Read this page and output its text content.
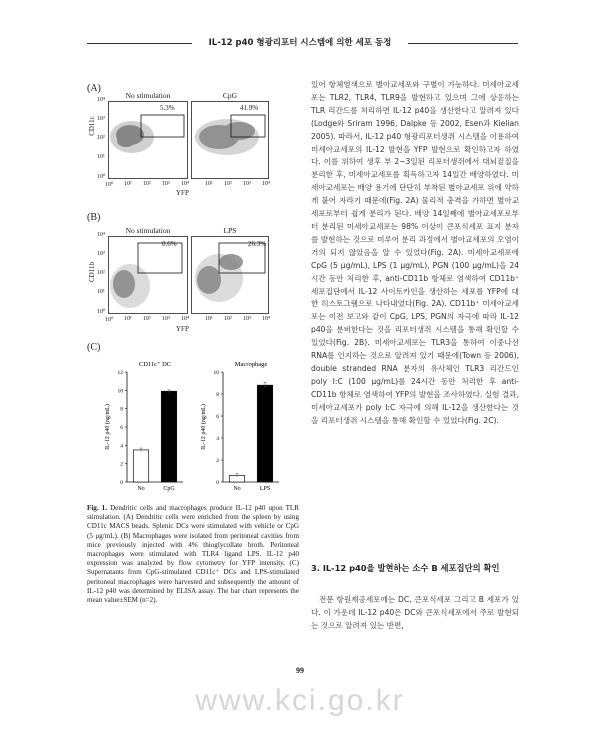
IL-12 p40 형광리포터 시스템에 의한 세포 동정
(A)
No stimulation	CpG
CD11c
YFP
5.3%	41.9%
10⁴
10³
10²
10¹
10⁰
10⁰ 10¹ 10² 10³ 10⁴	10¹ 10² 10³ 10⁴
(B)
No stimulation	LPS
CD11b
YFP
0.6%	26.3%
10⁴
10³
10²
10¹
10⁰
10⁰ 10¹ 10² 10³ 10⁴	10¹ 10² 10³ 10⁴
(C)
CD11c⁺ DC
0
2
4
6
8
10
12
IL-12 p40 (ng/mL)
No	CpG
Macrophage
0
2
4
6
8
10
IL-12 p40 (ng/mL)
No	LPS
Fig. 1. Dendritic cells and macrophages produce IL-12 p40 upon TLR stimulation. (A) Dendritic cells were enriched from the spleen by using CD11c MACS beads. Splenic DCs were stimulated with vehicle or CpG (5 μg/mL). (B) Macrophages were isolated from peritoneal cavities from mice previously injected with 4% thioglycollate broth. Peritoneal macrophages were stimulated with TLR4 ligand LPS. IL-12 p40 expression was analyzed by flow cytometry for YFP intensity. (C) Supernatants from CpG-stimulated CD11c⁺ DCs and LPS-stimulated peritoneal macrophages were harvested and subsequently the amount of IL-12 p40 was determined by ELISA assay. The bar chart represents the mean value±SEM (n=2).
있어 항체염색으로 별아교세포와 구별이 가능하다. 미세아교세포는 TLR2, TLR4, TLR9을 발현하고 있으며 그에 상응하는 TLR 리간드를 처리하면 IL-12 p40을 생산한다고 알려져 있다(Lodge와 Sriram 1996, Dalpke 등 2002, Esen과 Kielian 2005). 따라서, IL-12 p40 형광리포터생쥐 시스템을 이용하여 미세아교세포의 IL-12 발현을 YFP 발현으로 확인하고자 하였다. 이를 위하여 생후 부 2~3일된 리포터생쥐에서 대뇌겉질을 분리한 후, 미세아교세포를 획득하고자 14일간 배양하였다. 미세아교세포는 배양 용기에 단단히 부착된 별아교세포 위에 약하게 붙어 자라기 때문에(Fig. 2A) 물리적 충격을 가하면 별아교세포로부터 쉽게 분리가 된다. 배양 14일째에 별아교세포로부터 분리된 미세아교세포는 98% 이상이 큰포식세포 표지 분자를 발현하는 것으로 미루어 분리 과정에서 별아교세포의 오염이 거의 되지 않았음을 알 수 있었다(Fig. 2A). 미세아교세포에 CpG (5 μg/mL), LPS (1 μg/mL), PGN (100 μg/mL)을 24시간 동안 처리한 후, anti-CD11b 항체로 염색하여 CD11b⁺ 세포집단에서 IL-12 사이토카인을 생산하는 세포를 YFP에 대한 히스토그램으로 나타내었다(Fig. 2A). CD11b⁺ 미세아교세포는 이전 보고와 같이 CpG, LPS, PGN의 자극에 따라 IL-12 p40을 분비한다는 것을 리포터생쥐 시스템을 통해 확인할 수 있었다(Fig. 2B). 미세아교세포는 TLR3을 통하여 이중나선 RNA를 인지하는 것으로 알려져 있기 때문에(Town 등 2006), double stranded RNA 분자의 유사체인 TLR3 리간드인 poly I:C (100 μg/mL)를 24시간 동안 처리한 후 anti-CD11b 항체로 염색하여 YFP의 발현을 조사하였다. 실험 결과, 미세아교세포가 poly I:C 자극에 의해 IL-12을 생산한다는 것을 리포터생쥐 시스템을 통해 확인할 수 있었다(Fig. 2C).
3. IL-12 p40을 발현하는 소수 B 세포집단의 확인
전문 항원제공세포에는 DC, 큰포식세포 그리고 B 세포가 있다. 이 가운데 IL-12 p40은 DC와 큰포식세포에서 주로 발현되는 것으로 알려져 있는 반면,
99
www.kci.go.kr
